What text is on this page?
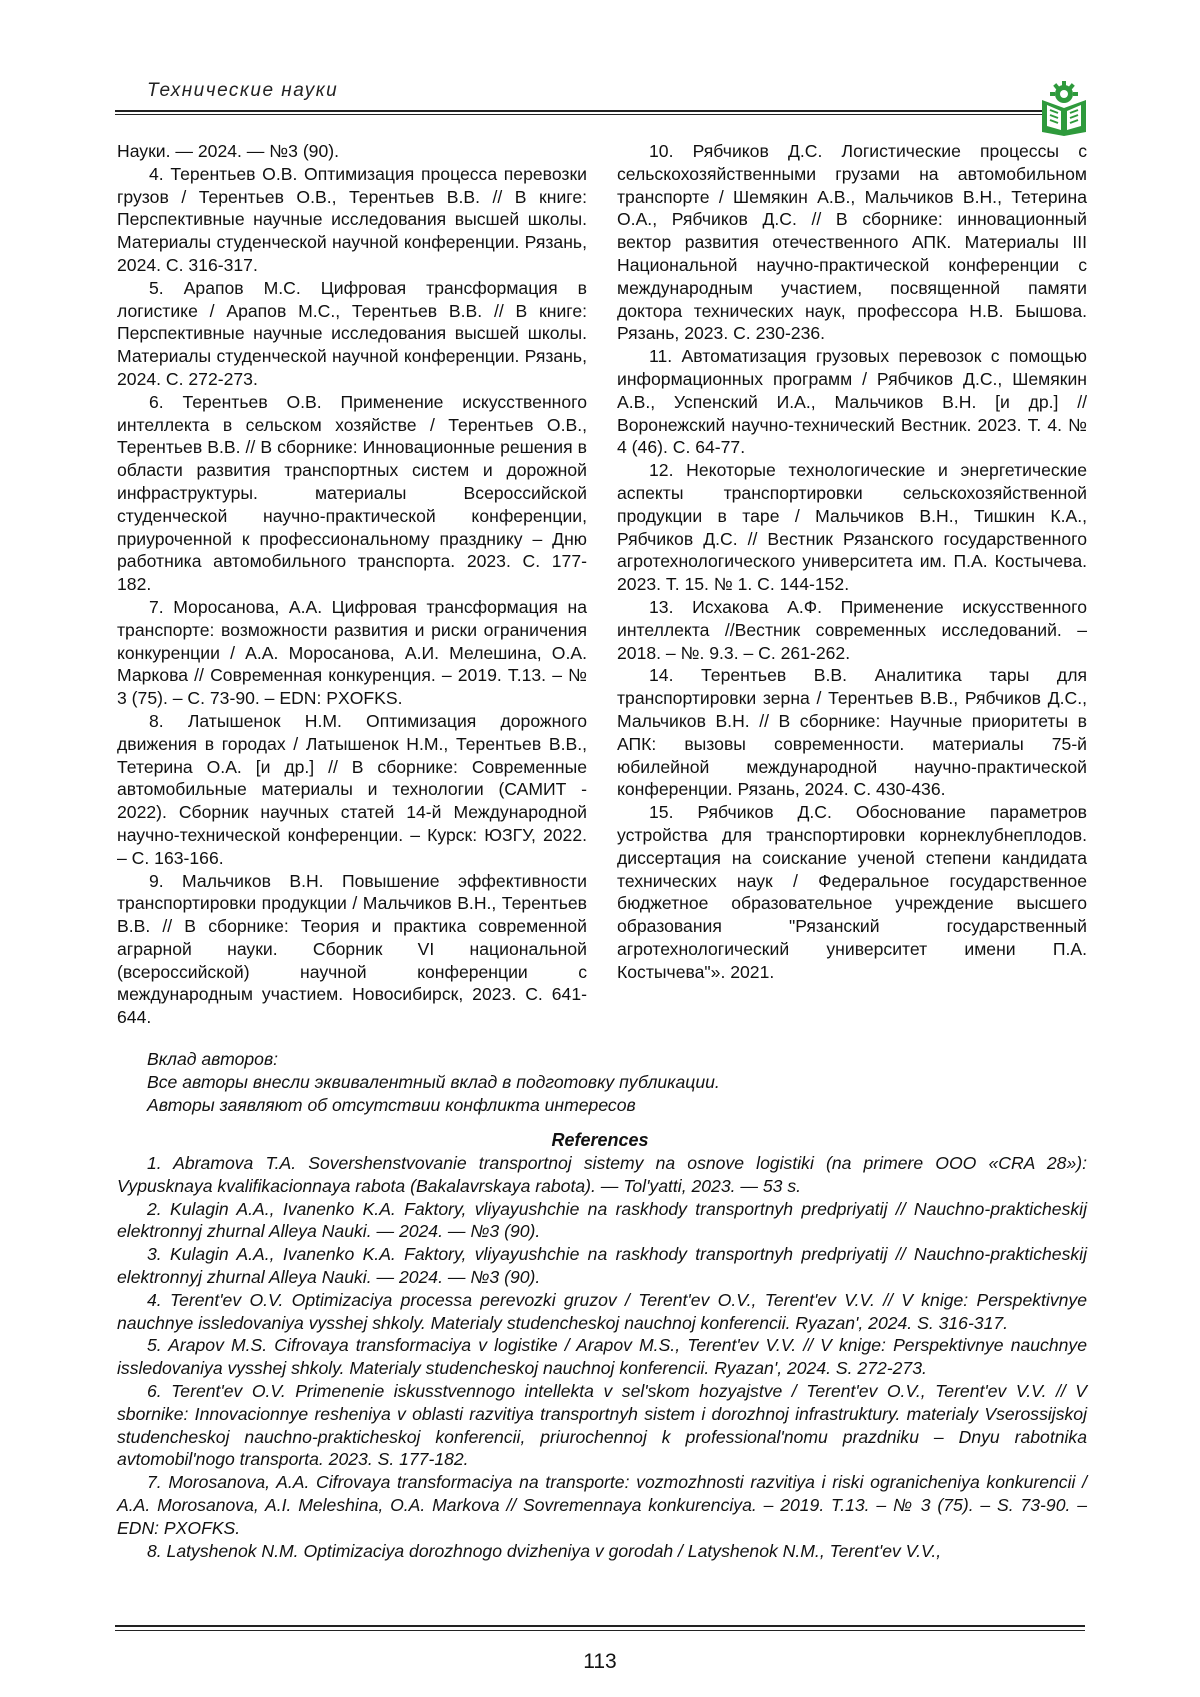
Технические науки

Науки. — 2024. — №3 (90).

4. Терентьев О.В. Оптимизация процесса перевозки грузов / Терентьев О.В., Терентьев В.В. // В книге: Перспективные научные исследования высшей школы. Материалы студенческой научной конференции. Рязань, 2024. С. 316-317.

5. Арапов М.С. Цифровая трансформация в логистике / Арапов М.С., Терентьев В.В. // В книге: Перспективные научные исследования высшей школы. Материалы студенческой научной конференции. Рязань, 2024. С. 272-273.

6. Терентьев О.В. Применение искусственного интеллекта в сельском хозяйстве / Терентьев О.В., Терентьев В.В. // В сборнике: Инновационные решения в области развития транспортных систем и дорожной инфраструктуры. материалы Всероссийской студенческой научно-практической конференции, приуроченной к профессиональному празднику – Дню работника автомобильного транспорта. 2023. С. 177-182.

7. Моросанова, А.А. Цифровая трансформация на транспорте: возможности развития и риски ограничения конкуренции / А.А. Моросанова, А.И. Мелешина, О.А. Маркова // Современная конкуренция. – 2019. Т.13. – № 3 (75). – С. 73-90. – EDN: PXOFKS.

8. Латышенок Н.М. Оптимизация дорожного движения в городах / Латышенок Н.М., Терентьев В.В., Тетерина О.А. [и др.] // В сборнике: Современные автомобильные материалы и технологии (САМИТ - 2022). Сборник научных статей 14-й Международной научно-технической конференции. – Курск: ЮЗГУ, 2022. – С. 163-166.

9. Мальчиков В.Н. Повышение эффективности транспортировки продукции / Мальчиков В.Н., Терентьев В.В. // В сборнике: Теория и практика современной аграрной науки. Сборник VI национальной (всероссийской) научной конференции с международным участием. Новосибирск, 2023. С. 641-644.

10. Рябчиков Д.С. Логистические процессы с сельскохозяйственными грузами на автомобильном транспорте / Шемякин А.В., Мальчиков В.Н., Тетерина О.А., Рябчиков Д.С. // В сборнике: инновационный вектор развития отечественного АПК. Материалы III Национальной научно-практической конференции с международным участием, посвященной памяти доктора технических наук, профессора Н.В. Бышова. Рязань, 2023. С. 230-236.

11. Автоматизация грузовых перевозок с помощью информационных программ / Рябчиков Д.С., Шемякин А.В., Успенский И.А., Мальчиков В.Н. [и др.] // Воронежский научно-технический Вестник. 2023. Т. 4. № 4 (46). С. 64-77.

12. Некоторые технологические и энергетические аспекты транспортировки сельскохозяйственной продукции в таре / Мальчиков В.Н., Тишкин К.А., Рябчиков Д.С. // Вестник Рязанского государственного агротехнологического университета им. П.А. Костычева. 2023. Т. 15. № 1. С. 144-152.

13. Исхакова А.Ф. Применение искусственного интеллекта //Вестник современных исследований. – 2018. – №. 9.3. – С. 261-262.

14. Терентьев В.В. Аналитика тары для транспортировки зерна / Терентьев В.В., Рябчиков Д.С., Мальчиков В.Н. // В сборнике: Научные приоритеты в АПК: вызовы современности. материалы 75-й юбилейной международной научно-практической конференции. Рязань, 2024. С. 430-436.

15. Рябчиков Д.С. Обоснование параметров устройства для транспортировки корнеклубнеплодов. диссертация на соискание ученой степени кандидата технических наук / Федеральное государственное бюджетное образовательное учреждение высшего образования "Рязанский государственный агротехнологический университет имени П.А. Костычева"». 2021.

Вклад авторов:
Все авторы внесли эквивалентный вклад в подготовку публикации.
Авторы заявляют об отсутствии конфликта интересов
References

1. Abramova T.A. Sovershenstvovanie transportnoj sistemy na osnove logistiki (na primere OOO «CRA 28»): Vypusknaya kvalifikacionnaya rabota (Bakalavrskaya rabota). — Tol'yatti, 2023. — 53 s.

2. Kulagin A.A., Ivanenko K.A. Faktory, vliyayushchie na raskhody transportnyh predpriyatij // Nauchno-prakticheskij elektronnyj zhurnal Alleya Nauki. — 2024. — №3 (90).

3. Kulagin A.A., Ivanenko K.A. Faktory, vliyayushchie na raskhody transportnyh predpriyatij // Nauchno-prakticheskij elektronnyj zhurnal Alleya Nauki. — 2024. — №3 (90).

4. Terent'ev O.V. Optimizaciya processa perevozki gruzov / Terent'ev O.V., Terent'ev V.V. // V knige: Perspektivnye nauchnye issledovaniya vysshej shkoly. Materialy studencheskoj nauchnoj konferencii. Ryazan', 2024. S. 316-317.

5. Arapov M.S. Cifrovaya transformaciya v logistike / Arapov M.S., Terent'ev V.V. // V knige: Perspektivnye nauchnye issledovaniya vysshej shkoly. Materialy studencheskoj nauchnoj konferencii. Ryazan', 2024. S. 272-273.

6. Terent'ev O.V. Primenenie iskusstvennogo intellekta v sel'skom hozyajstve / Terent'ev O.V., Terent'ev V.V. // V sbornike: Innovacionnye resheniya v oblasti razvitiya transportnyh sistem i dorozhnoj infrastruktury. materialy Vserossijskoj studencheskoj nauchno-prakticheskoj konferencii, priurochennoj k professional'nomu prazdniku – Dnyu rabotnika avtomobil'nogo transporta. 2023. S. 177-182.

7. Morosanova, A.A. Cifrovaya transformaciya na transporte: vozmozhnosti razvitiya i riski ogranicheniya konkurencii / A.A. Morosanova, A.I. Meleshina, O.A. Markova // Sovremennaya konkurenciya. – 2019. T.13. – № 3 (75). – S. 73-90. – EDN: PXOFKS.

8. Latyshenok N.M. Optimizaciya dorozhnogo dvizheniya v gorodah / Latyshenok N.M., Terent'ev V.V.,

113
